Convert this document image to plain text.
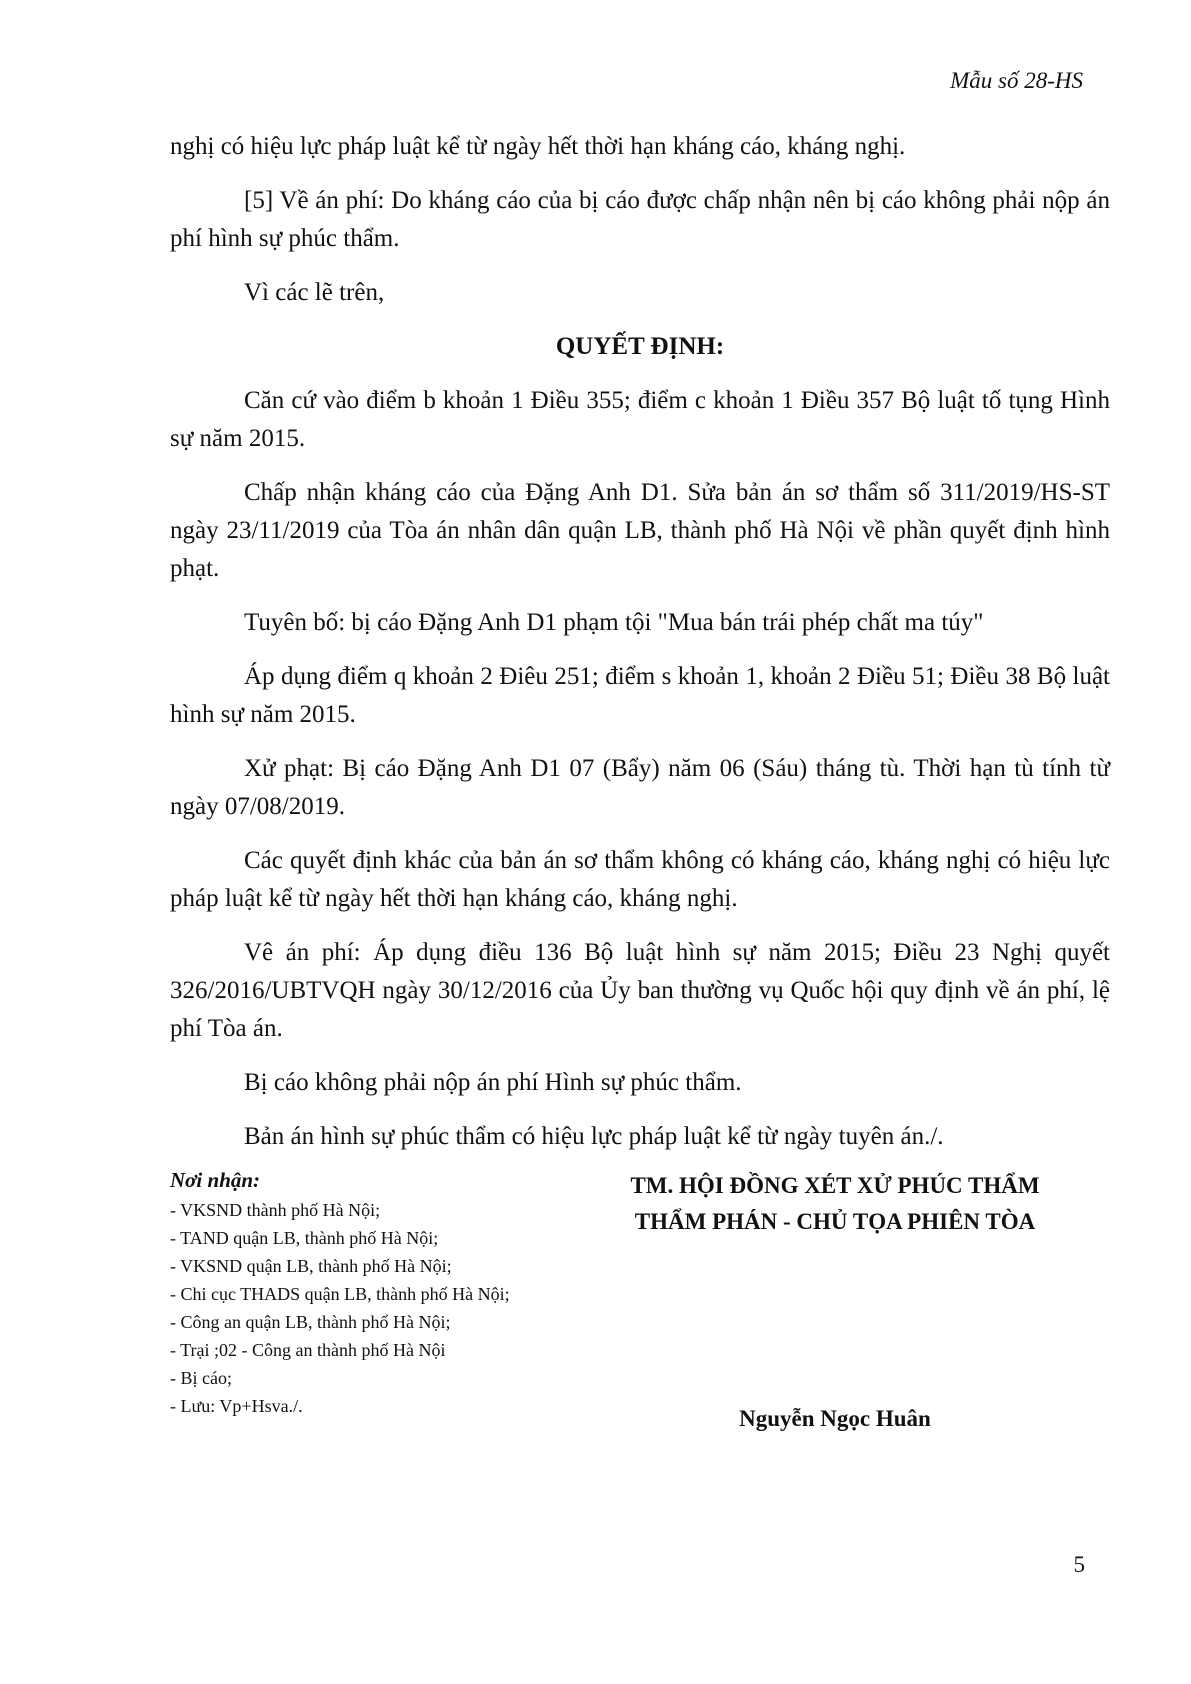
Mẫu số 28-HS

nghị có hiệu lực pháp luật kể từ ngày hết thời hạn kháng cáo, kháng nghị.

[5] Về án phí: Do kháng cáo của bị cáo được chấp nhận nên bị cáo không phải nộp án phí hình sự phúc thẩm.

Vì các lẽ trên,

QUYẾT ĐỊNH:

Căn cứ vào điểm b khoản 1 Điều 355; điểm c khoản 1 Điều 357 Bộ luật tố tụng Hình sự năm 2015.

Chấp nhận kháng cáo của Đặng Anh D1. Sửa bản án sơ thẩm số 311/2019/HS-ST ngày 23/11/2019 của Tòa án nhân dân quận LB, thành phố Hà Nội về phần quyết định hình phạt.

Tuyên bố: bị cáo Đặng Anh D1 phạm tội "Mua bán trái phép chất ma túy"

Áp dụng điểm q khoản 2 Điêu 251; điểm s khoản 1, khoản 2 Điều 51; Điều 38 Bộ luật hình sự năm 2015.

Xử phạt: Bị cáo Đặng Anh D1 07 (Bẩy) năm 06 (Sáu) tháng tù. Thời hạn tù tính từ ngày 07/08/2019.

Các quyết định khác của bản án sơ thẩm không có kháng cáo, kháng nghị có hiệu lực pháp luật kể từ ngày hết thời hạn kháng cáo, kháng nghị.

Vê án phí: Áp dụng điều 136 Bộ luật hình sự năm 2015; Điều 23 Nghị quyết 326/2016/UBTVQH ngày 30/12/2016 của Ủy ban thường vụ Quốc hội quy định về án phí, lệ phí Tòa án.

Bị cáo không phải nộp án phí Hình sự phúc thẩm.

Bản án hình sự phúc thẩm có hiệu lực pháp luật kể từ ngày tuyên án./.

Nơi nhận:
- VKSND thành phố Hà Nội;
- TAND quận LB, thành phố Hà Nội;
- VKSND quận LB, thành phố Hà Nội;
- Chi cục THADS quận LB, thành phố Hà Nội;
- Công an quận LB, thành phố Hà Nội;
- Trại ;02 - Công an thành phố Hà Nội
- Bị cáo;
- Lưu: Vp+Hsva./.
TM. HỘI ĐỒNG XÉT XỬ PHÚC THẨM
THẨM PHÁN - CHỦ TỌA PHIÊN TÒA
Nguyễn Ngọc Huân
5
